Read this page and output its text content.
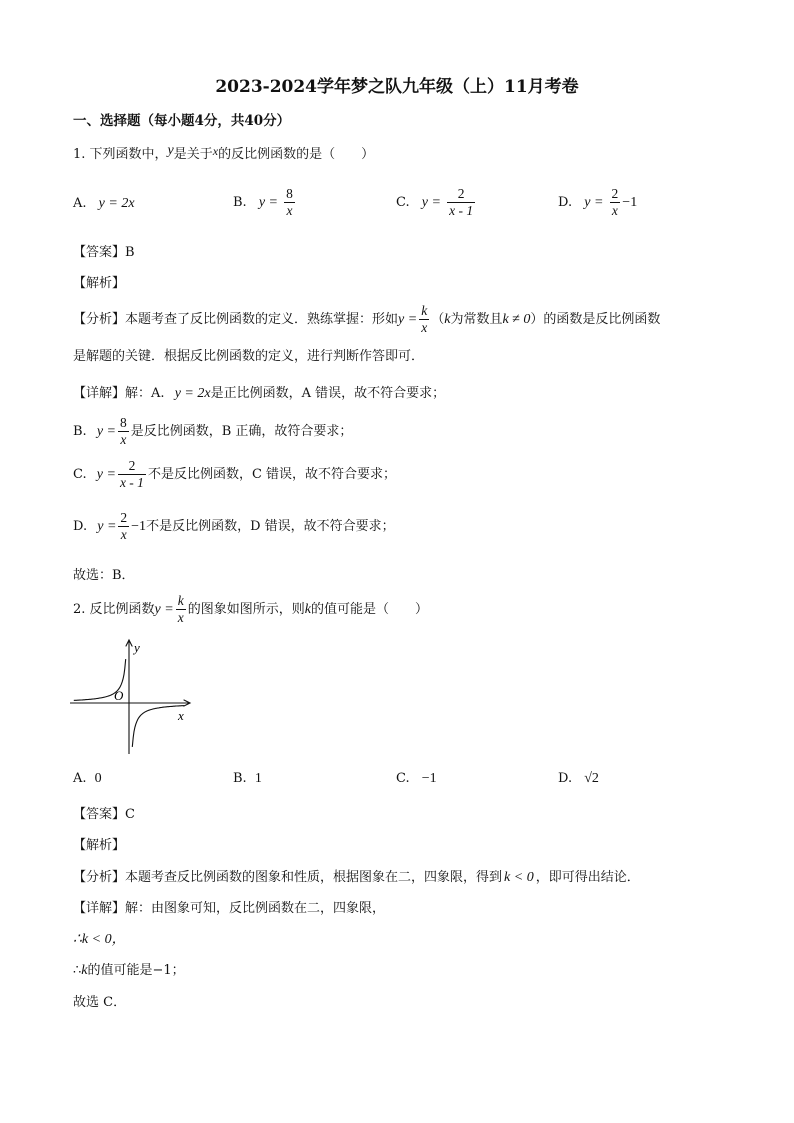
2023-2024学年梦之队九年级（上）11月考卷
一、选择题（每小题4分，共40分）
1. 下列函数中，y是关于x的反比例函数的是（　　）
A. y = 2x	B. $y = \frac{8}{x}$	C. $y = \frac{2}{x - 1}$	D. $y = \frac{2}{x} -1$
【答案】B
【解析】
【分析】本题考查了反比例函数的定义．熟练掌握：形如$y = \frac{k}{x} (k$为常数且k ≠ 0）的函数是反比例函数
是解题的关键．根据反比例函数的定义，进行判断作答即可．
【详解】解：A. y = 2x是正比例函数，A 错误，故不符合要求；
B. $y = \frac{8}{x}$ 是反比例函数，B 正确，故符合要求；
C. $y = \frac{2}{x - 1}$ 不是反比例函数，C 错误，故不符合要求；
D. $y = \frac{2}{x} -1$不是反比例函数，D 错误，故不符合要求；
故选：B．
2. 反比例函数$y = \frac{k}{x}$ 的图象如图所示，则k的值可能是（　　）
y
x
O
A. 0	B. 1	C. −1	D. √2
【答案】C
【解析】
【分析】本题考查反比例函数的图象和性质，根据图象在二，四象限，得到 k < 0 ，即可得出结论．
【详解】解：由图象可知，反比例函数在二，四象限，
∴k < 0，
∴k的值可能是−1；
故选 C．
